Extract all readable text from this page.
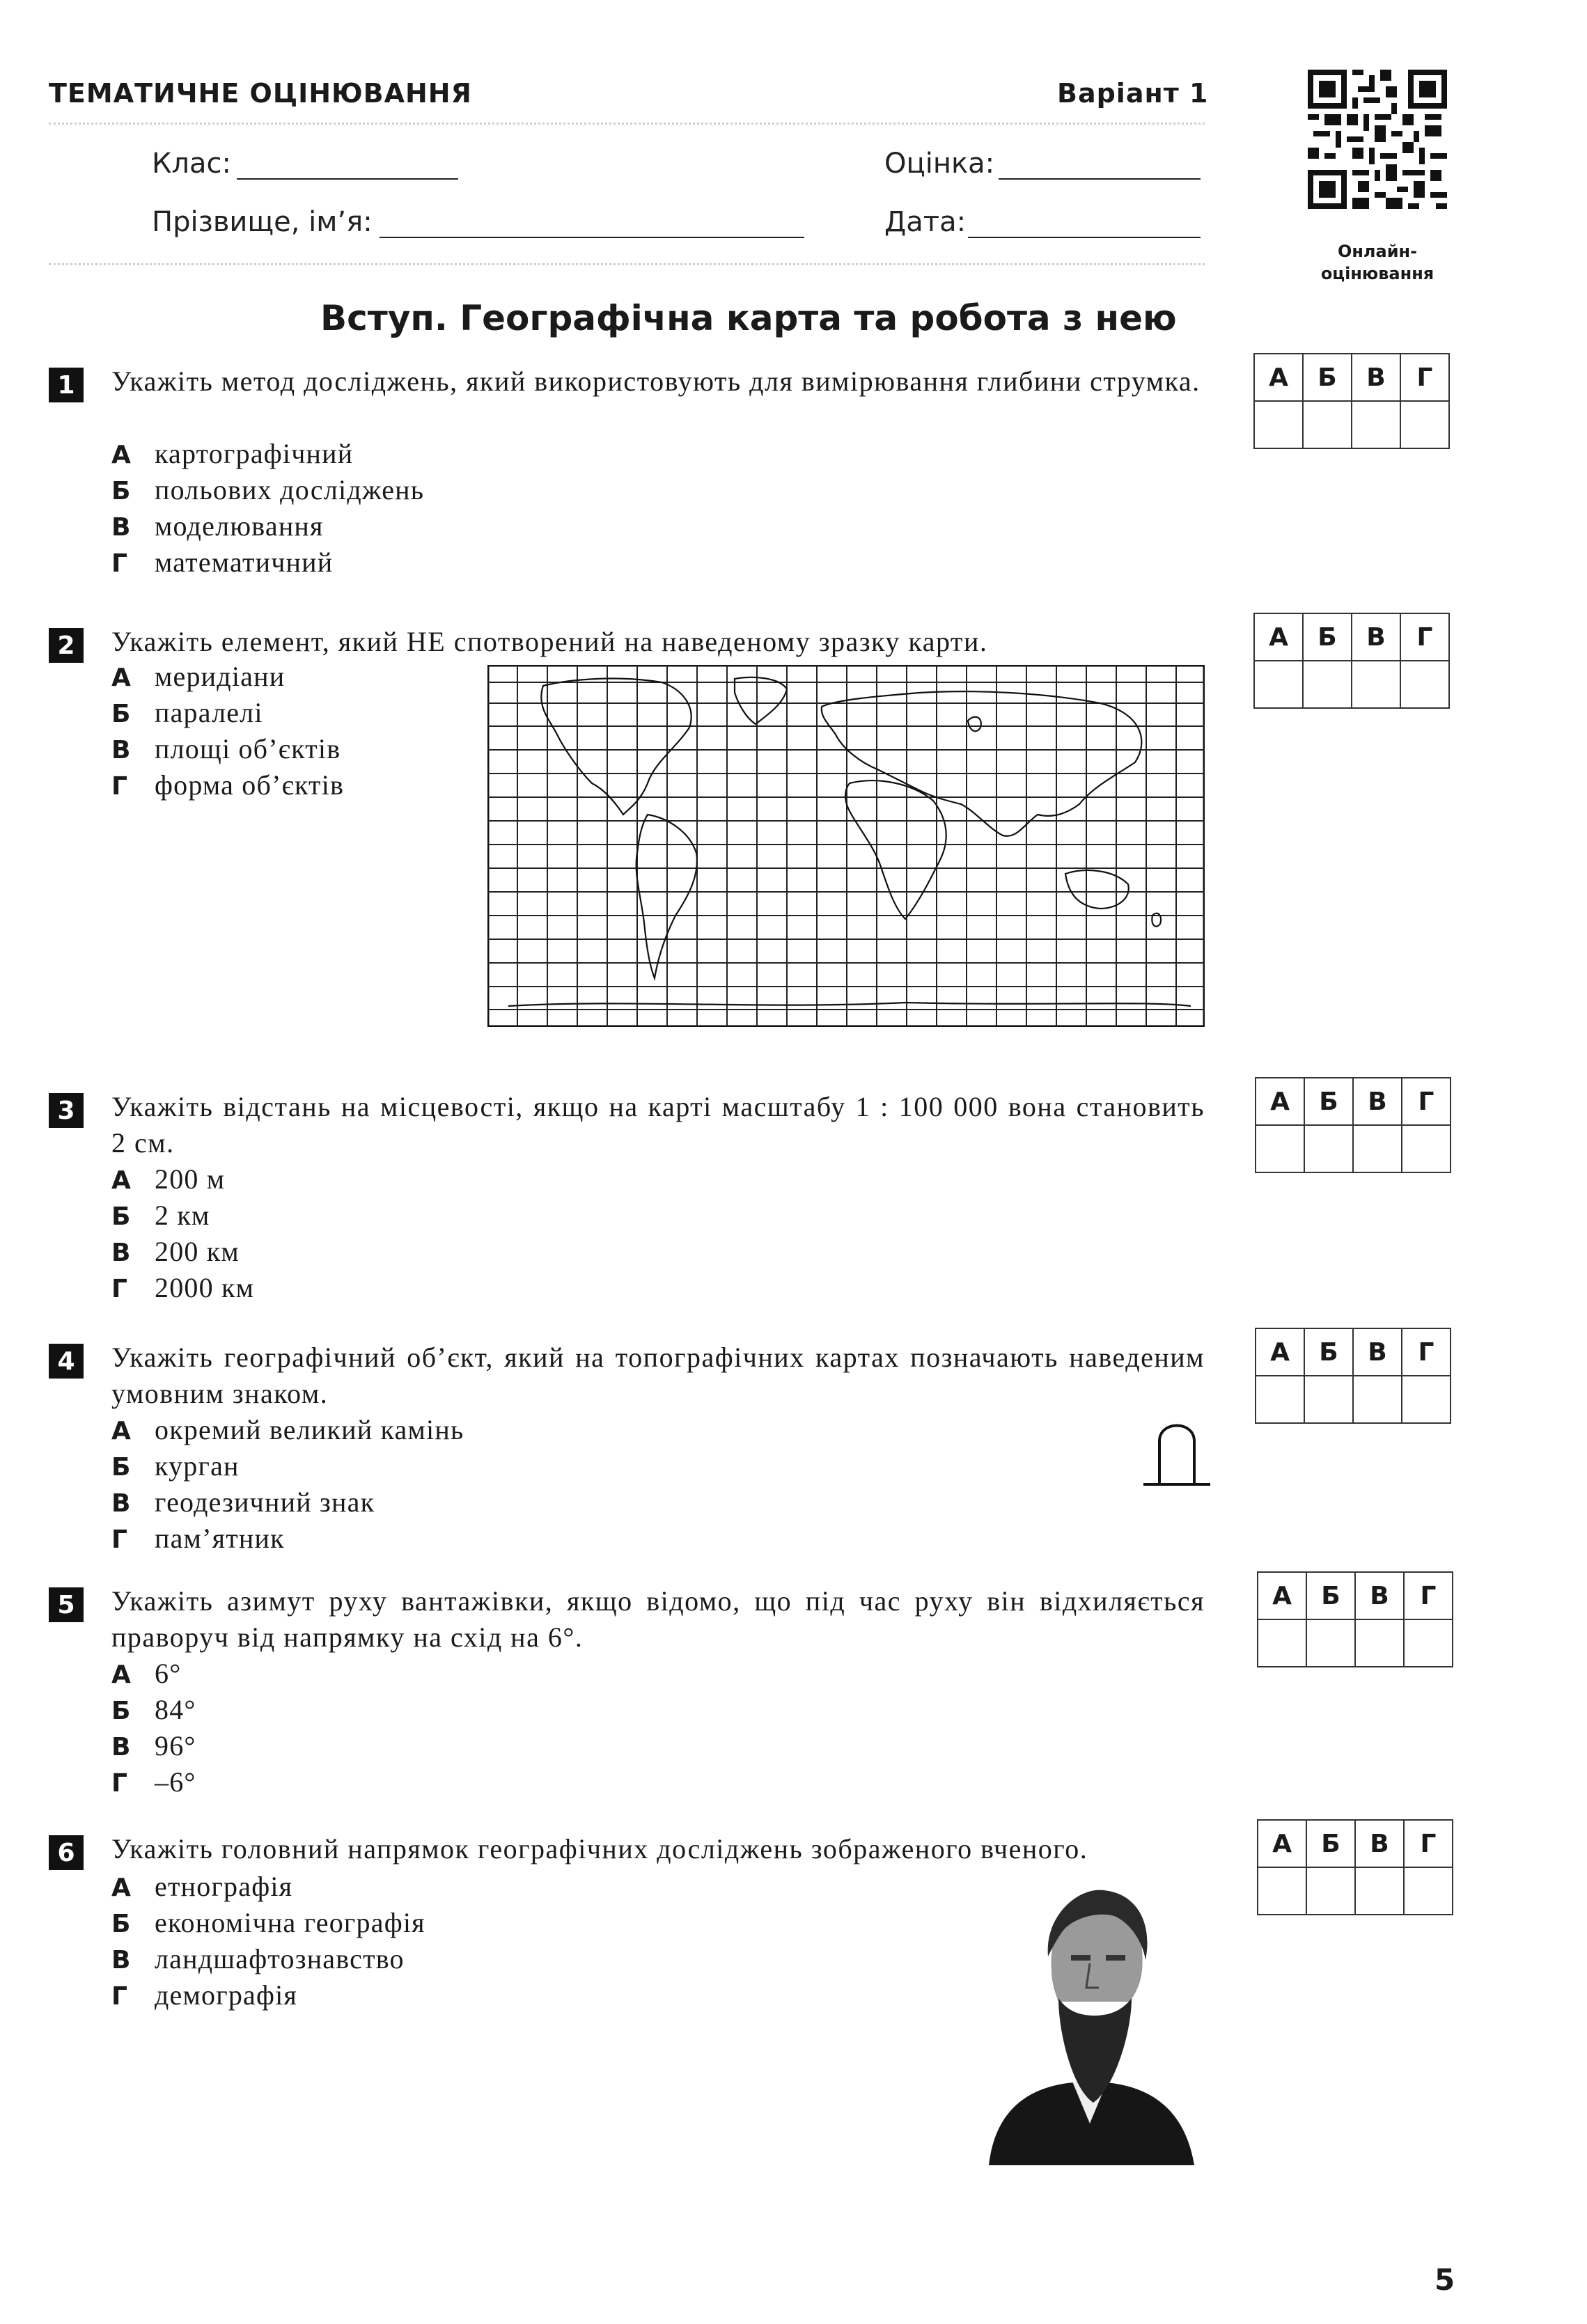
ТЕМАТИЧНЕ ОЦІНЮВАННЯ	Варіант 1
Онлайн-оцінювання
Клас:
Прізвище, ім’я:
Оцінка:
Дата:
Вступ. Географічна карта та робота з нею
1	Укажіть метод досліджень, який використовують для вимірювання глибини струмка.
А картографічний
Б польових досліджень
В моделювання
Г математичний
А	Б	В	Г

2	Укажіть елемент, який НЕ спотворений на наведеному зразку карти.
А меридіани
Б паралелі
В площі об’єктів
Г форма об’єктів
А	Б	В	Г

3	Укажіть відстань на місцевості, якщо на карті масштабу 1 : 100 000 вона становить 2 см.
А 200 м
Б 2 км
В 200 км
Г 2000 км
А	Б	В	Г

4	Укажіть географічний об’єкт, який на топографічних картах позначають наведеним умовним знаком.
А окремий великий камінь
Б курган
В геодезичний знак
Г пам’ятник
А	Б	В	Г

5	Укажіть азимут руху вантажівки, якщо відомо, що під час руху він відхиляється праворуч від напрямку на схід на 6°.
А 6°
Б 84°
В 96°
Г –6°
А	Б	В	Г

6	Укажіть головний напрямок географічних досліджень зображеного вченого.
А етнографія
Б економічна географія
В ландшафтознавство
Г демографія
А	Б	В	Г

5
